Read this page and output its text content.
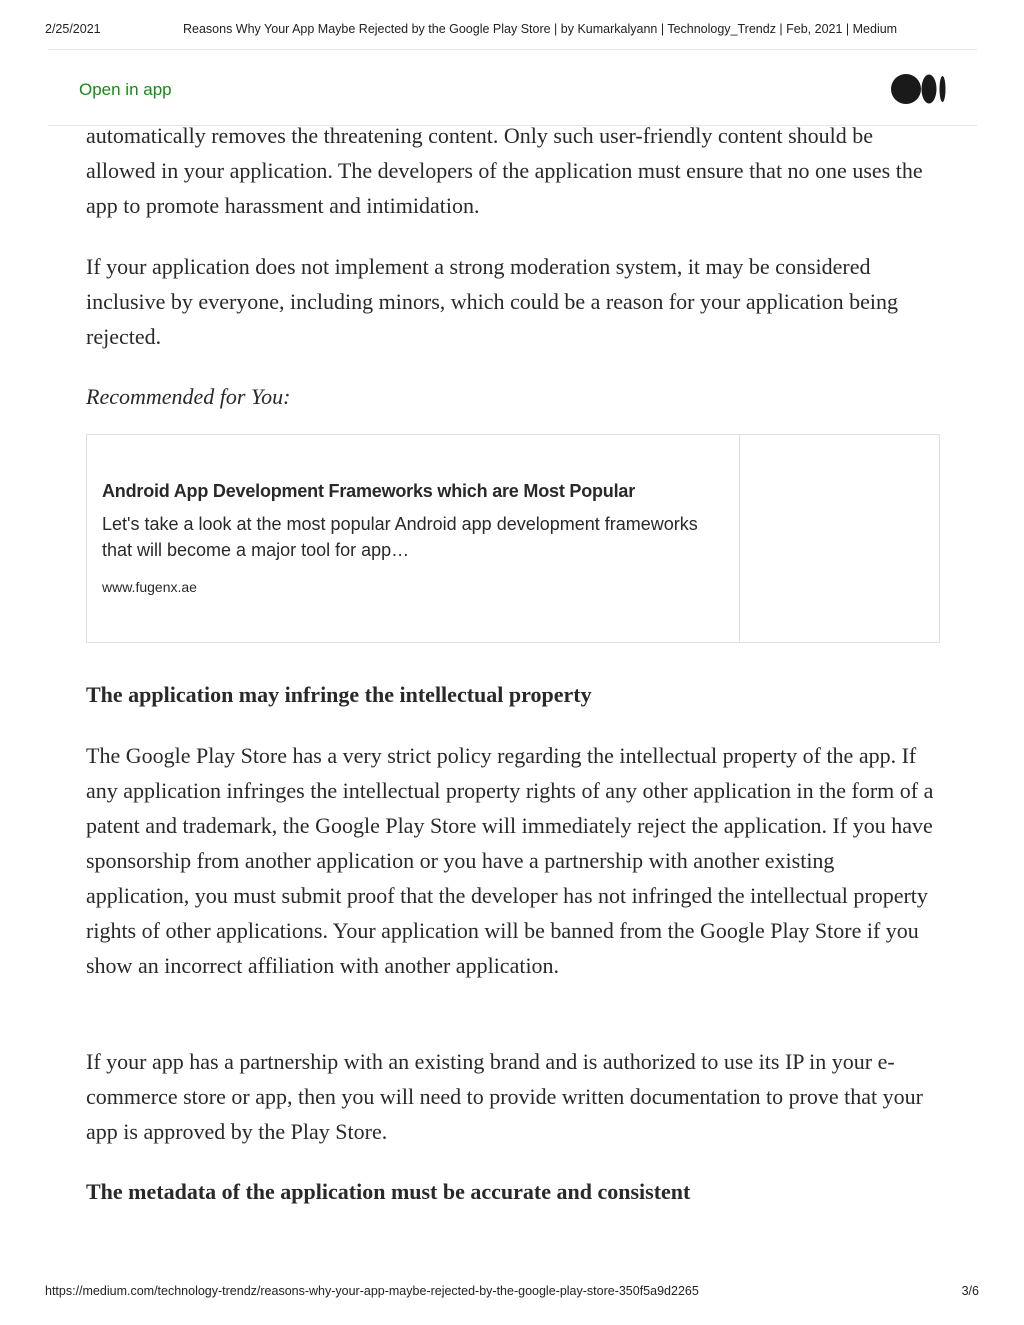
2/25/2021	Reasons Why Your App Maybe Rejected by the Google Play Store | by Kumarkalyann | Technology_Trendz | Feb, 2021 | Medium
Open in app

automatically removes the threatening content. Only such user-friendly content should be allowed in your application. The developers of the application must ensure that no one uses the app to promote harassment and intimidation.

If your application does not implement a strong moderation system, it may be considered inclusive by everyone, including minors, which could be a reason for your application being rejected.

Recommended for You:

Android App Development Frameworks which are Most Popular
Let's take a look at the most popular Android app development frameworks that will become a major tool for app…
www.fugenx.ae
The application may infringe the intellectual property

The Google Play Store has a very strict policy regarding the intellectual property of the app. If any application infringes the intellectual property rights of any other application in the form of a patent and trademark, the Google Play Store will immediately reject the application. If you have sponsorship from another application or you have a partnership with another existing application, you must submit proof that the developer has not infringed the intellectual property rights of other applications. Your application will be banned from the Google Play Store if you show an incorrect affiliation with another application.

If your app has a partnership with an existing brand and is authorized to use its IP in your e-commerce store or app, then you will need to provide written documentation to prove that your app is approved by the Play Store.

The metadata of the application must be accurate and consistent
https://medium.com/technology-trendz/reasons-why-your-app-maybe-rejected-by-the-google-play-store-350f5a9d2265	3/6
